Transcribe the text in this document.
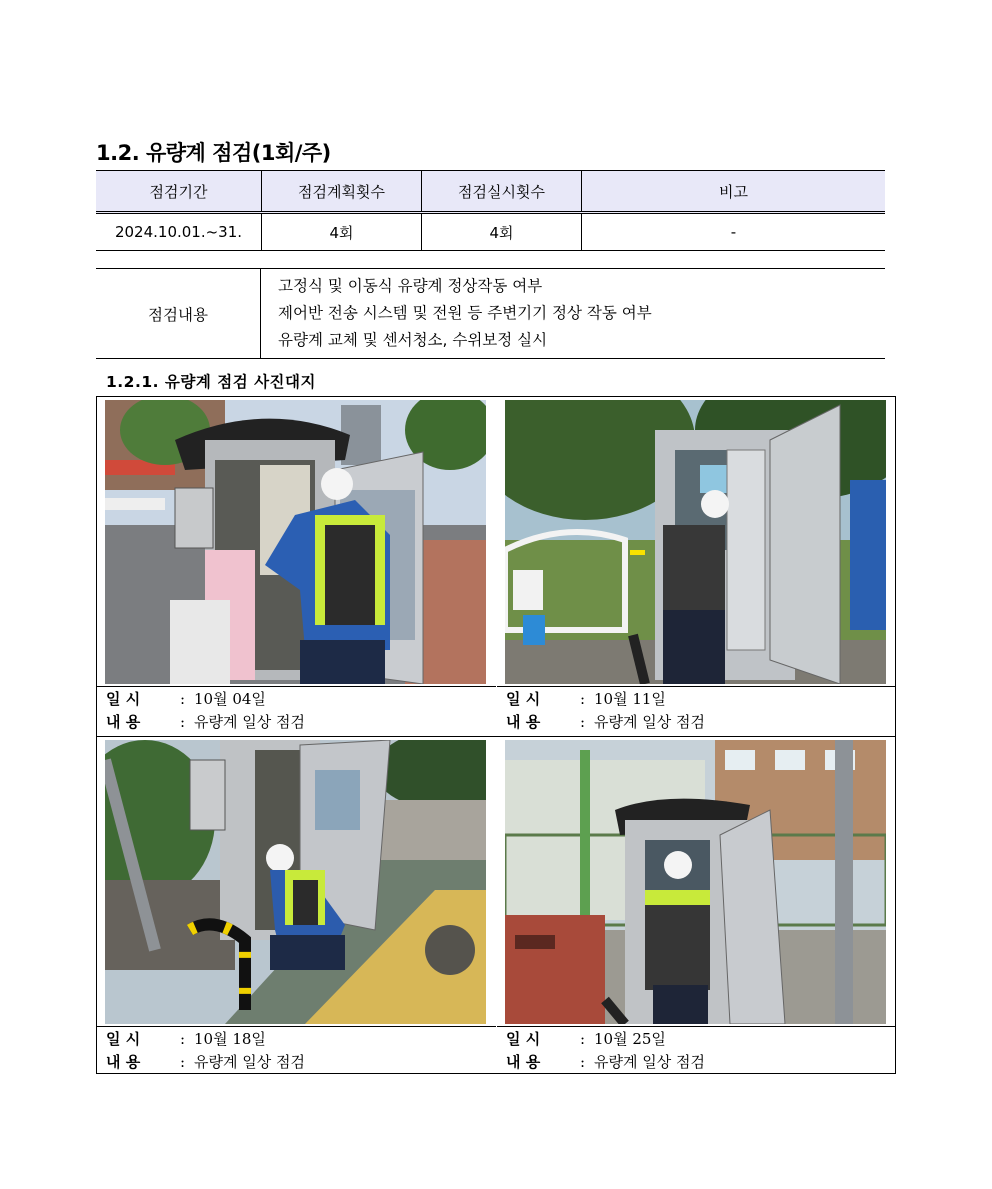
1.2. 유량계 점검(1회/주)
점검기간	점검계획횟수	점검실시횟수	비고
2024.10.01.~31.	4회	4회	-
점검내용	
고정식 및 이동식 유량계 정상작동 여부
제어반 전송 시스템 및 전원 등 주변기기 정상 작동 여부
유량계 교체 및 센서청소, 수위보정 실시
1.2.1. 유량계 점검 사진대지
일 시	: 10월 04일
내 용	: 유량계 일상 점검
일 시	: 10월 11일
내 용	: 유량계 일상 점검
일 시	: 10월 18일
내 용	: 유량계 일상 점검
일 시	: 10월 25일
내 용	: 유량계 일상 점검
